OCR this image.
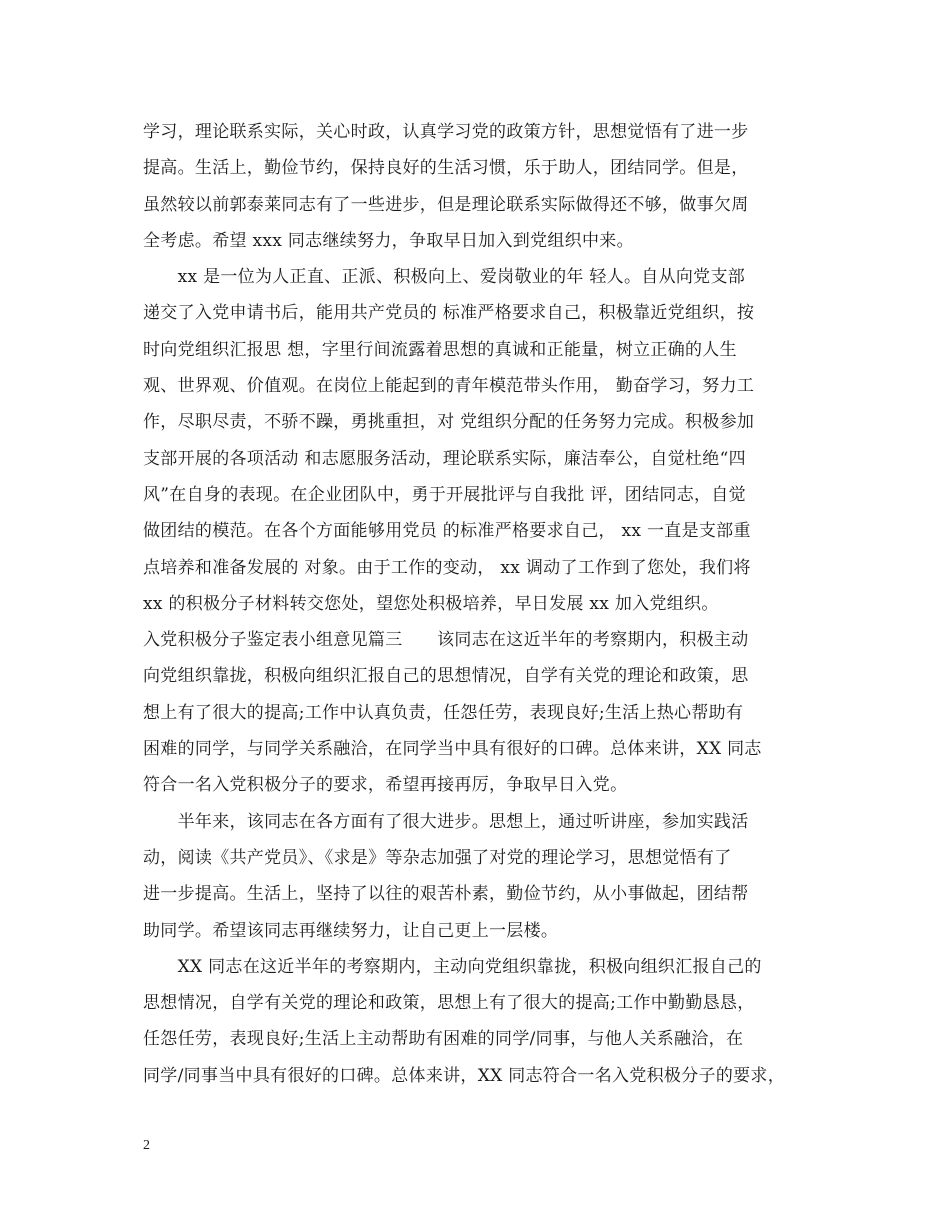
学习，理论联系实际，关心时政，认真学习党的政策方针，思想觉悟有了进一步
提高。生活上，勤俭节约，保持良好的生活习惯，乐于助人，团结同学。但是，
虽然较以前郭泰莱同志有了一些进步，但是理论联系实际做得还不够，做事欠周
全考虑。希望 xxx 同志继续努力，争取早日加入到党组织中来。
　　xx 是一位为人正直、正派、积极向上、爱岗敬业的年 轻人。自从向党支部
递交了入党申请书后，能用共产党员的 标准严格要求自己，积极靠近党组织，按
时向党组织汇报思 想，字里行间流露着思想的真诚和正能量，树立正确的人生
观、世界观、价值观。在岗位上能起到的青年模范带头作用， 勤奋学习，努力工
作，尽职尽责，不骄不躁，勇挑重担，对 党组织分配的任务努力完成。积极参加
支部开展的各项活动 和志愿服务活动，理论联系实际，廉洁奉公，自觉杜绝“四
风”在自身的表现。在企业团队中，勇于开展批评与自我批 评，团结同志，自觉
做团结的模范。在各个方面能够用党员 的标准严格要求自己， xx 一直是支部重
点培养和准备发展的 对象。由于工作的变动， xx 调动了工作到了您处，我们将
xx 的积极分子材料转交您处，望您处积极培养，早日发展 xx 加入党组织。
入党积极分子鉴定表小组意见篇三　　该同志在这近半年的考察期内，积极主动
向党组织靠拢，积极向组织汇报自己的思想情况，自学有关党的理论和政策，思
想上有了很大的提高;工作中认真负责，任怨任劳，表现良好;生活上热心帮助有
困难的同学，与同学关系融洽，在同学当中具有很好的口碑。总体来讲，XX 同志
符合一名入党积极分子的要求，希望再接再厉，争取早日入党。
　　半年来，该同志在各方面有了很大进步。思想上，通过听讲座，参加实践活
动，阅读《共产党员》、《求是》等杂志加强了对党的理论学习，思想觉悟有了
进一步提高。生活上，坚持了以往的艰苦朴素，勤俭节约，从小事做起，团结帮
助同学。希望该同志再继续努力，让自己更上一层楼。
　　XX 同志在这近半年的考察期内，主动向党组织靠拢，积极向组织汇报自己的
思想情况，自学有关党的理论和政策，思想上有了很大的提高;工作中勤勤恳恳，
任怨任劳，表现良好;生活上主动帮助有困难的同学/同事，与他人关系融洽，在
同学/同事当中具有很好的口碑。总体来讲，XX 同志符合一名入党积极分子的要求，
2
